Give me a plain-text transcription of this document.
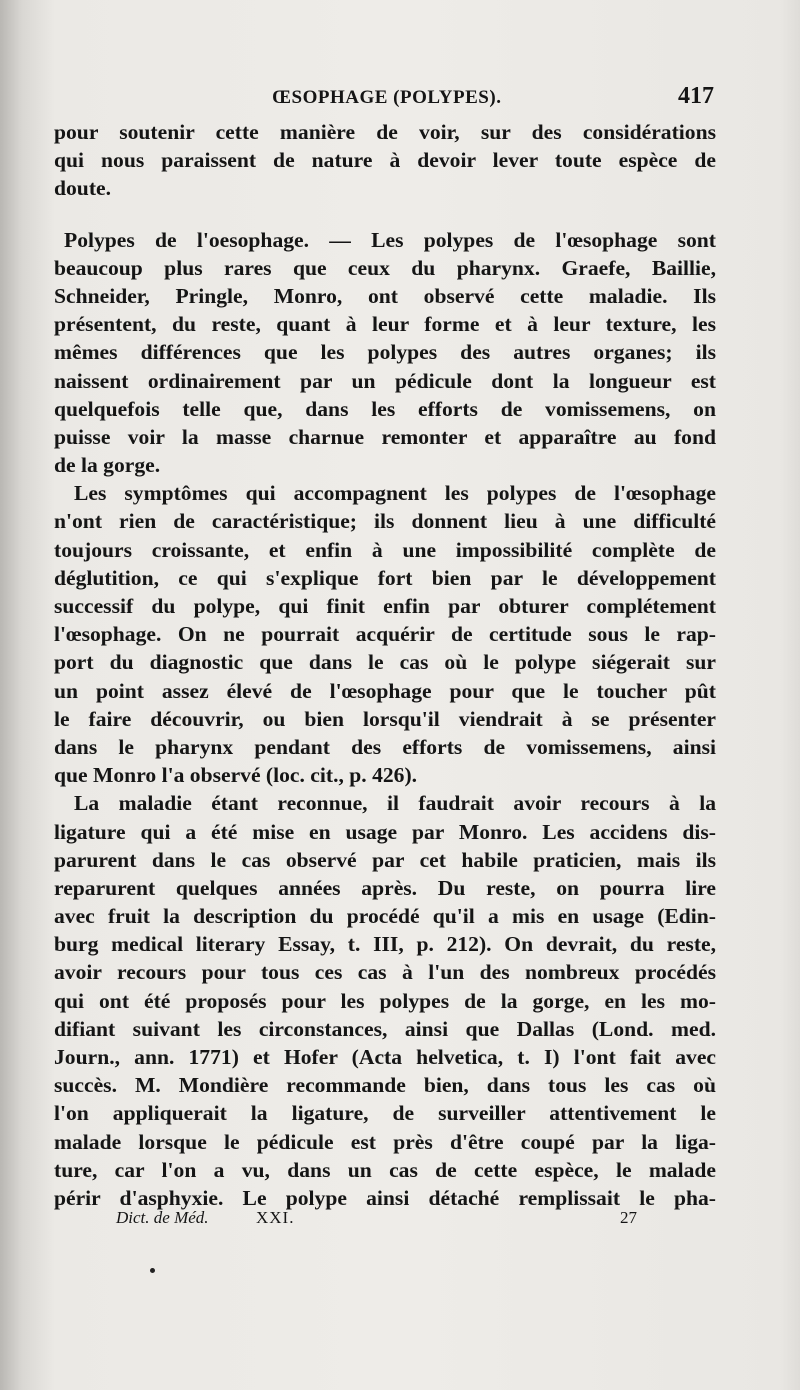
ŒSOPHAGE (POLYPES).	417
pour soutenir cette manière de voir, sur des considérations
qui nous paraissent de nature à devoir lever toute espèce de
doute.
Polypes de l'oesophage. — Les polypes de l'œsophage sont
beaucoup plus rares que ceux du pharynx. Graefe, Baillie,
Schneider, Pringle, Monro, ont observé cette maladie. Ils
présentent, du reste, quant à leur forme et à leur texture, les
mêmes différences que les polypes des autres organes; ils
naissent ordinairement par un pédicule dont la longueur est
quelquefois telle que, dans les efforts de vomissemens, on
puisse voir la masse charnue remonter et apparaître au fond
de la gorge.
Les symptômes qui accompagnent les polypes de l'œsophage
n'ont rien de caractéristique; ils donnent lieu à une difficulté
toujours croissante, et enfin à une impossibilité complète de
déglutition, ce qui s'explique fort bien par le développement
successif du polype, qui finit enfin par obturer complétement
l'œsophage. On ne pourrait acquérir de certitude sous le rap-
port du diagnostic que dans le cas où le polype siégerait sur
un point assez élevé de l'œsophage pour que le toucher pût
le faire découvrir, ou bien lorsqu'il viendrait à se présenter
dans le pharynx pendant des efforts de vomissemens, ainsi
que Monro l'a observé (loc. cit., p. 426).
La maladie étant reconnue, il faudrait avoir recours à la
ligature qui a été mise en usage par Monro. Les accidens dis-
parurent dans le cas observé par cet habile praticien, mais ils
reparurent quelques années après. Du reste, on pourra lire
avec fruit la description du procédé qu'il a mis en usage (Edin-
burg medical literary Essay, t. III, p. 212). On devrait, du reste,
avoir recours pour tous ces cas à l'un des nombreux procédés
qui ont été proposés pour les polypes de la gorge, en les mo-
difiant suivant les circonstances, ainsi que Dallas (Lond. med.
Journ., ann. 1771) et Hofer (Acta helvetica, t. I) l'ont fait avec
succès. M. Mondière recommande bien, dans tous les cas où
l'on appliquerait la ligature, de surveiller attentivement le
malade lorsque le pédicule est près d'être coupé par la liga-
ture, car l'on a vu, dans un cas de cette espèce, le malade
périr d'asphyxie. Le polype ainsi détaché remplissait le pha-
Dict. de Méd.	XXI.	27
